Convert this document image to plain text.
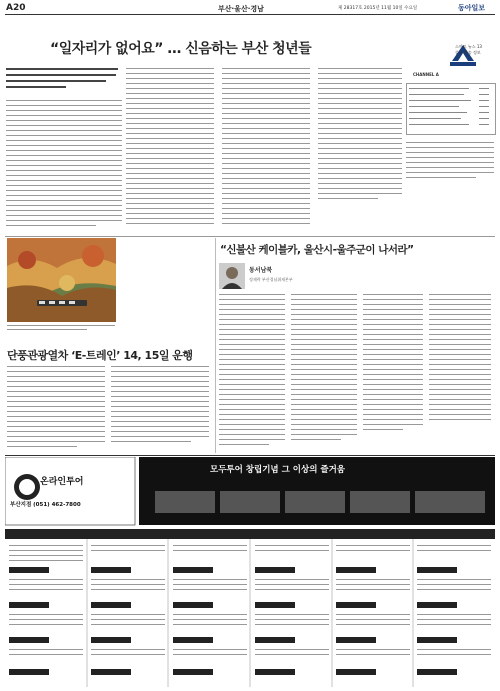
A20	부산·울산·경남	제 28317호 2015년 11월 10일 수요일	동아일보
“일자리가 없어요” … 신음하는 부산 청년들
CHANNEL A
스마트 뉴스 13
종합 방송 정보
단풍관광열차 ‘E-트레인’ 14, 15일 운행
“신불산 케이블카, 울산시-울주군이 나서라”
동서남북
정재락 부산경남취재본부
온라인투어
부산지점 (051) 462-7800
모두투어 창립기념 그 이상의 즐거움
